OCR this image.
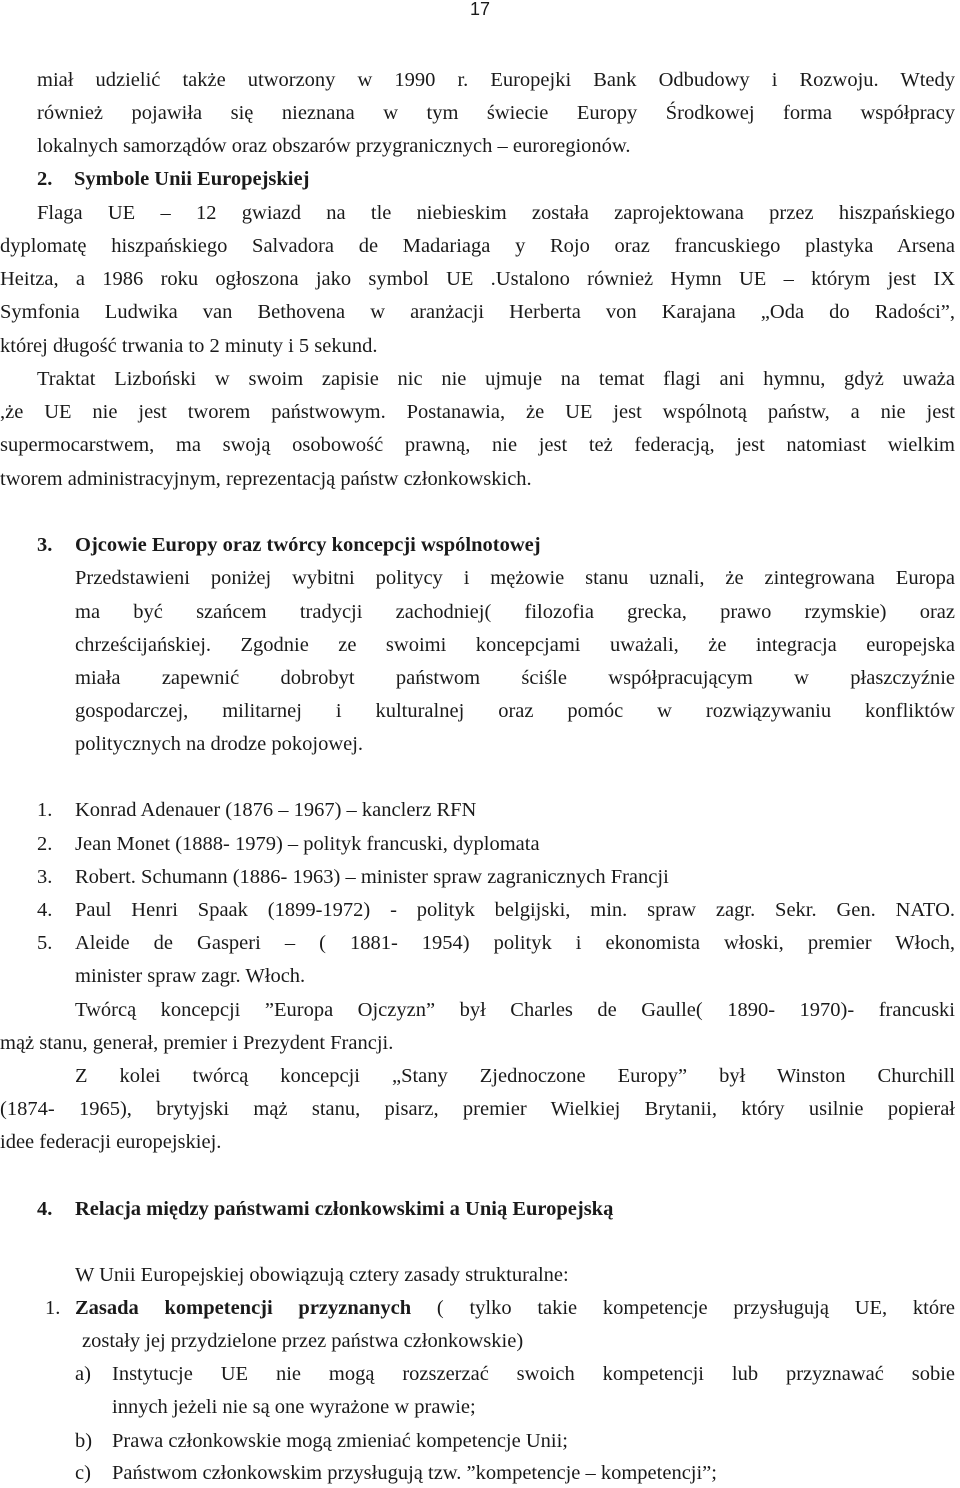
17
miał udzielić także utworzony w 1990 r. Europejki Bank Odbudowy i Rozwoju. Wtedy
również pojawiła się nieznana w tym świecie Europy Środkowej forma współpracy
lokalnych samorządów oraz obszarów przygranicznych – euroregionów.
2. Symbole Unii Europejskiej
Flaga UE – 12 gwiazd na tle niebieskim została zaprojektowana przez hiszpańskiego
dyplomatę hiszpańskiego Salvadora de Madariaga y Rojo oraz francuskiego plastyka Arsena
Heitza, a 1986 roku ogłoszona jako symbol UE .Ustalono również Hymn UE – którym jest IX
Symfonia Ludwika van Bethovena w aranżacji Herberta von Karajana „Oda do Radości”,
której długość trwania to 2 minuty i 5 sekund.
Traktat Lizboński w swoim zapisie nic nie ujmuje na temat flagi ani hymnu, gdyż uważa
,że UE nie jest tworem państwowym. Postanawia, że UE jest wspólnotą państw, a nie jest
supermocarstwem, ma swoją osobowość prawną, nie jest też federacją, jest natomiast wielkim
tworem administracyjnym, reprezentacją państw członkowskich.
3. Ojcowie Europy oraz twórcy koncepcji wspólnotowej
Przedstawieni poniżej wybitni politycy i mężowie stanu uznali, że zintegrowana Europa
ma być szańcem tradycji zachodniej( filozofia grecka, prawo rzymskie) oraz
chrześcijańskiej. Zgodnie ze swoimi koncepcjami uważali, że integracja europejska
miała zapewnić dobrobyt państwom ściśle współpracującym w płaszczyźnie
gospodarczej, militarnej i kulturalnej oraz pomóc w rozwiązywaniu konfliktów
politycznych na drodze pokojowej.
1. Konrad Adenauer (1876 – 1967) – kanclerz RFN
2. Jean Monet (1888- 1979) – polityk francuski, dyplomata
3. Robert. Schumann (1886- 1963) – minister spraw zagranicznych Francji
4. Paul Henri Spaak (1899-1972) - polityk belgijski, min. spraw zagr. Sekr. Gen. NATO.
5. Aleide de Gasperi – ( 1881- 1954) polityk i ekonomista włoski, premier Włoch,
minister spraw zagr. Włoch.
Twórcą koncepcji ”Europa Ojczyzn” był Charles de Gaulle( 1890- 1970)- francuski
mąż stanu, generał, premier i Prezydent Francji.
Z kolei twórcą koncepcji „Stany Zjednoczone Europy” był Winston Churchill
(1874- 1965), brytyjski mąż stanu, pisarz, premier Wielkiej Brytanii, który usilnie popierał
idee federacji europejskiej.
4. Relacja między państwami członkowskimi a Unią Europejską
W Unii Europejskiej obowiązują cztery zasady strukturalne:
1. Zasada kompetencji przyznanych ( tylko takie kompetencje przysługują UE, które
zostały jej przydzielone przez państwa członkowskie)
a) Instytucje UE nie mogą rozszerzać swoich kompetencji lub przyznawać sobie
innych jeżeli nie są one wyrażone w prawie;
b) Prawa członkowskie mogą zmieniać kompetencje Unii;
c) Państwom członkowskim przysługują tzw. ”kompetencje – kompetencji”;
